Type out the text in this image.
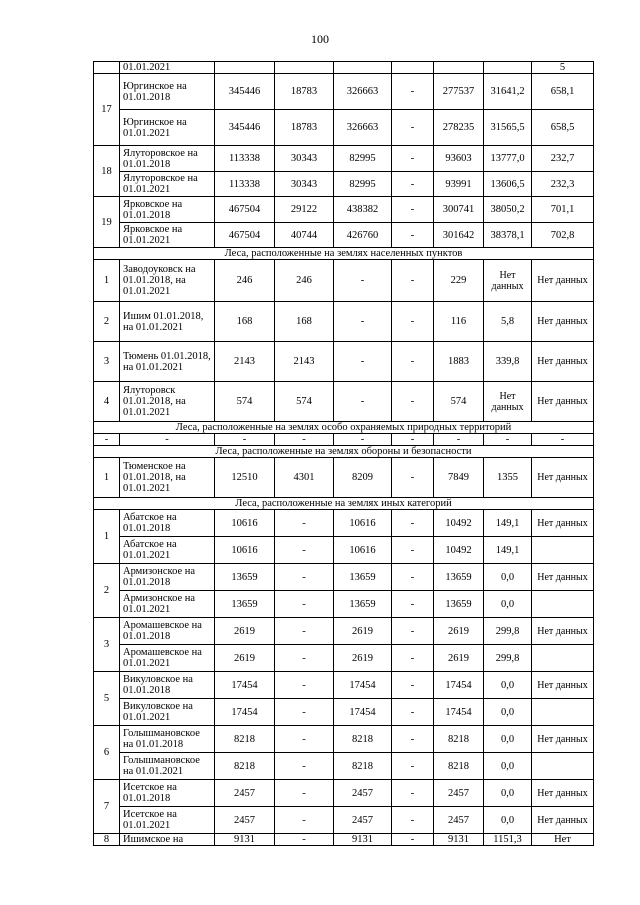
100
	01.01.2021							5
17	Юргинское на 01.01.2018	345446	18783	326663	-	277537	31641,2	658,1
	Юргинское на 01.01.2021	345446	18783	326663	-	278235	31565,5	658,5
18	Ялуторовское на 01.01.2018	113338	30343	82995	-	93603	13777,0	232,7
	Ялуторовское на 01.01.2021	113338	30343	82995	-	93991	13606,5	232,3
19	Ярковское на 01.01.2018	467504	29122	438382	-	300741	38050,2	701,1
	Ярковское на 01.01.2021	467504	40744	426760	-	301642	38378,1	702,8
Леса, расположенные на землях населенных пунктов								
1	Заводоуковск на 01.01.2018, на 01.01.2021	246	246	-	-	229	Нет данных	Нет данных
2	Ишим 01.01.2018, на 01.01.2021	168	168	-	-	116	5,8	Нет данных
3	Тюмень 01.01.2018, на 01.01.2021	2143	2143	-	-	1883	339,8	Нет данных
4	Ялуторовск 01.01.2018, на 01.01.2021	574	574	-	-	574	Нет данных	Нет данных
Леса, расположенные на землях особо охраняемых природных территорий								
-	-	-	-	-	-	-	-	-
Леса, расположенные на землях обороны и безопасности								
1	Тюменское на 01.01.2018, на 01.01.2021	12510	4301	8209	-	7849	1355	Нет данных
Леса, расположенные на землях иных категорий								
1	Абатское на 01.01.2018	10616	-	10616	-	10492	149,1	Нет данных
	Абатское на 01.01.2021	10616	-	10616	-	10492	149,1	
2	Армизонское на 01.01.2018	13659	-	13659	-	13659	0,0	Нет данных
	Армизонское на 01.01.2021	13659	-	13659	-	13659	0,0	
3	Аромашевское на 01.01.2018	2619	-	2619	-	2619	299,8	Нет данных
	Аромашевское на 01.01.2021	2619	-	2619	-	2619	299,8	
5	Викуловское на 01.01.2018	17454	-	17454	-	17454	0,0	Нет данных
	Викуловское на 01.01.2021	17454	-	17454	-	17454	0,0	
6	Голышмановское на 01.01.2018	8218	-	8218	-	8218	0,0	Нет данных
	Голышмановское на 01.01.2021	8218	-	8218	-	8218	0,0	
7	Исетское на 01.01.2018	2457	-	2457	-	2457	0,0	Нет данных
	Исетское на 01.01.2021	2457	-	2457	-	2457	0,0	Нет данных
8	Ишимское на	9131	-	9131	-	9131	1151,3	Нет
